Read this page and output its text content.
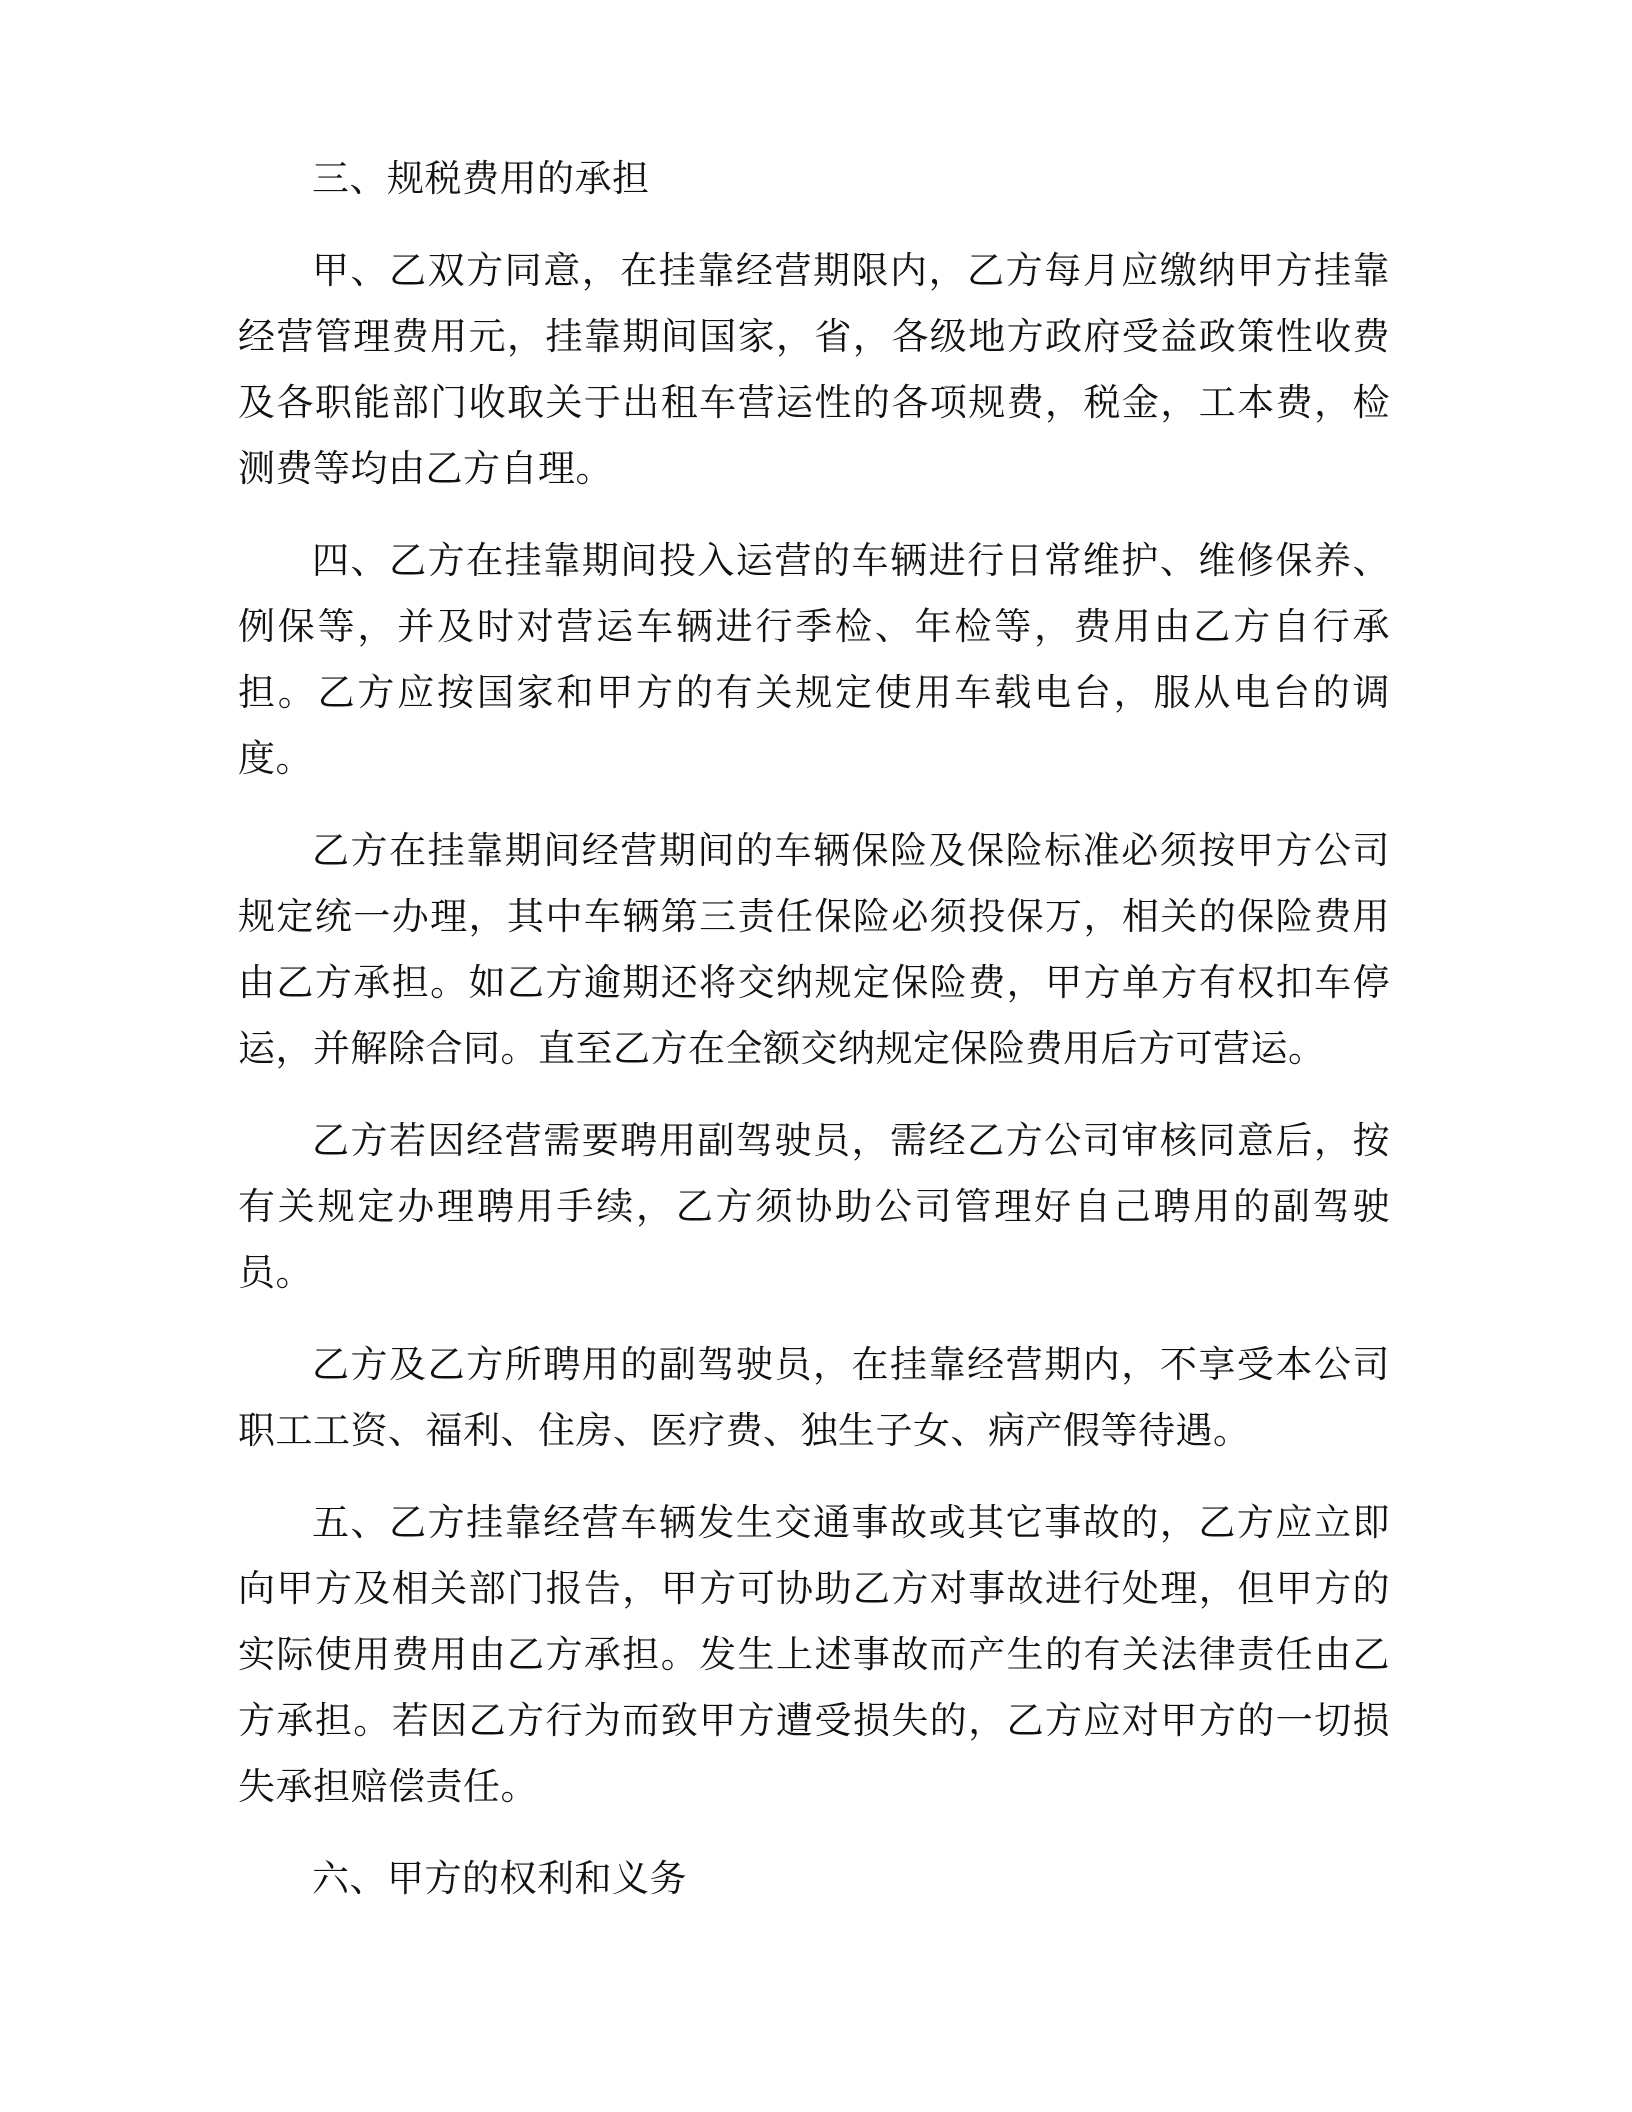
三、规税费用的承担

甲、乙双方同意，在挂靠经营期限内，乙方每月应缴纳甲方挂靠经营管理费用元，挂靠期间国家，省，各级地方政府受益政策性收费及各职能部门收取关于出租车营运性的各项规费，税金，工本费，检测费等均由乙方自理。

四、乙方在挂靠期间投入运营的车辆进行日常维护、维修保养、例保等，并及时对营运车辆进行季检、年检等，费用由乙方自行承担。乙方应按国家和甲方的有关规定使用车载电台，服从电台的调度。

乙方在挂靠期间经营期间的车辆保险及保险标准必须按甲方公司规定统一办理，其中车辆第三责任保险必须投保万，相关的保险费用由乙方承担。如乙方逾期还将交纳规定保险费，甲方单方有权扣车停运，并解除合同。直至乙方在全额交纳规定保险费用后方可营运。

乙方若因经营需要聘用副驾驶员，需经乙方公司审核同意后，按有关规定办理聘用手续，乙方须协助公司管理好自己聘用的副驾驶员。

乙方及乙方所聘用的副驾驶员，在挂靠经营期内，不享受本公司职工工资、福利、住房、医疗费、独生子女、病产假等待遇。

五、乙方挂靠经营车辆发生交通事故或其它事故的，乙方应立即向甲方及相关部门报告，甲方可协助乙方对事故进行处理，但甲方的实际使用费用由乙方承担。发生上述事故而产生的有关法律责任由乙方承担。若因乙方行为而致甲方遭受损失的，乙方应对甲方的一切损失承担赔偿责任。

六、甲方的权利和义务
